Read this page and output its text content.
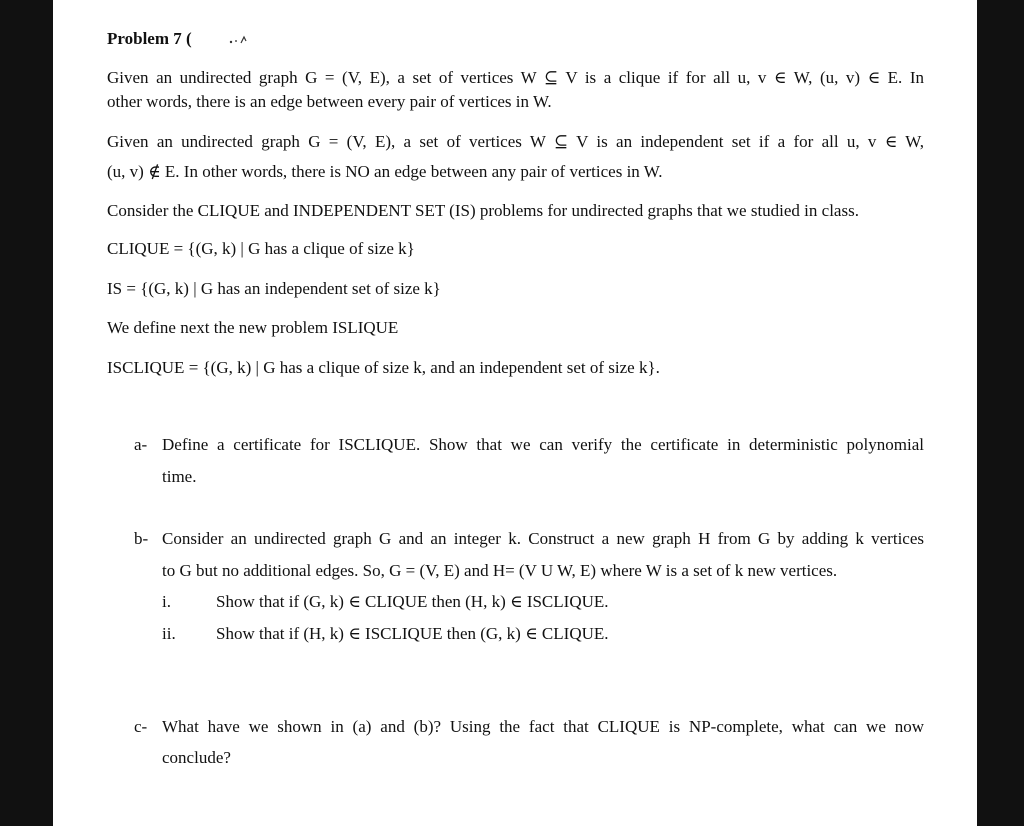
Problem 7 (
Given an undirected graph G = (V, E), a set of vertices W ⊆ V is a clique if for all u, v ∈ W, (u, v) ∈ E. In
other words, there is an edge between every pair of vertices in W.
Given an undirected graph G = (V, E), a set of vertices W ⊆ V is an independent set if a for all u, v ∈ W,
(u, v) ∉ E. In other words, there is NO an edge between any pair of vertices in W.
Consider the CLIQUE and INDEPENDENT SET (IS) problems for undirected graphs that we studied in class.
CLIQUE = {(G, k) | G has a clique of size k}
IS = {(G, k) | G has an independent set of size k}
We define next the new problem ISLIQUE
ISCLIQUE = {(G, k) | G has a clique of size k, and an independent set of size k}.
a- Define a certificate for ISCLIQUE. Show that we can verify the certificate in deterministic polynomial
time.
b- Consider an undirected graph G and an integer k. Construct a new graph H from G by adding k vertices
to G but no additional edges. So, G = (V, E) and H= (V U W, E) where W is a set of k new vertices.
i.	Show that if (G, k) ∈ CLIQUE then (H, k) ∈ ISCLIQUE.
ii. Show that if (H, k) ∈ ISCLIQUE then (G, k) ∈ CLIQUE.
c- What have we shown in (a) and (b)? Using the fact that CLIQUE is NP-complete, what can we now
conclude?
